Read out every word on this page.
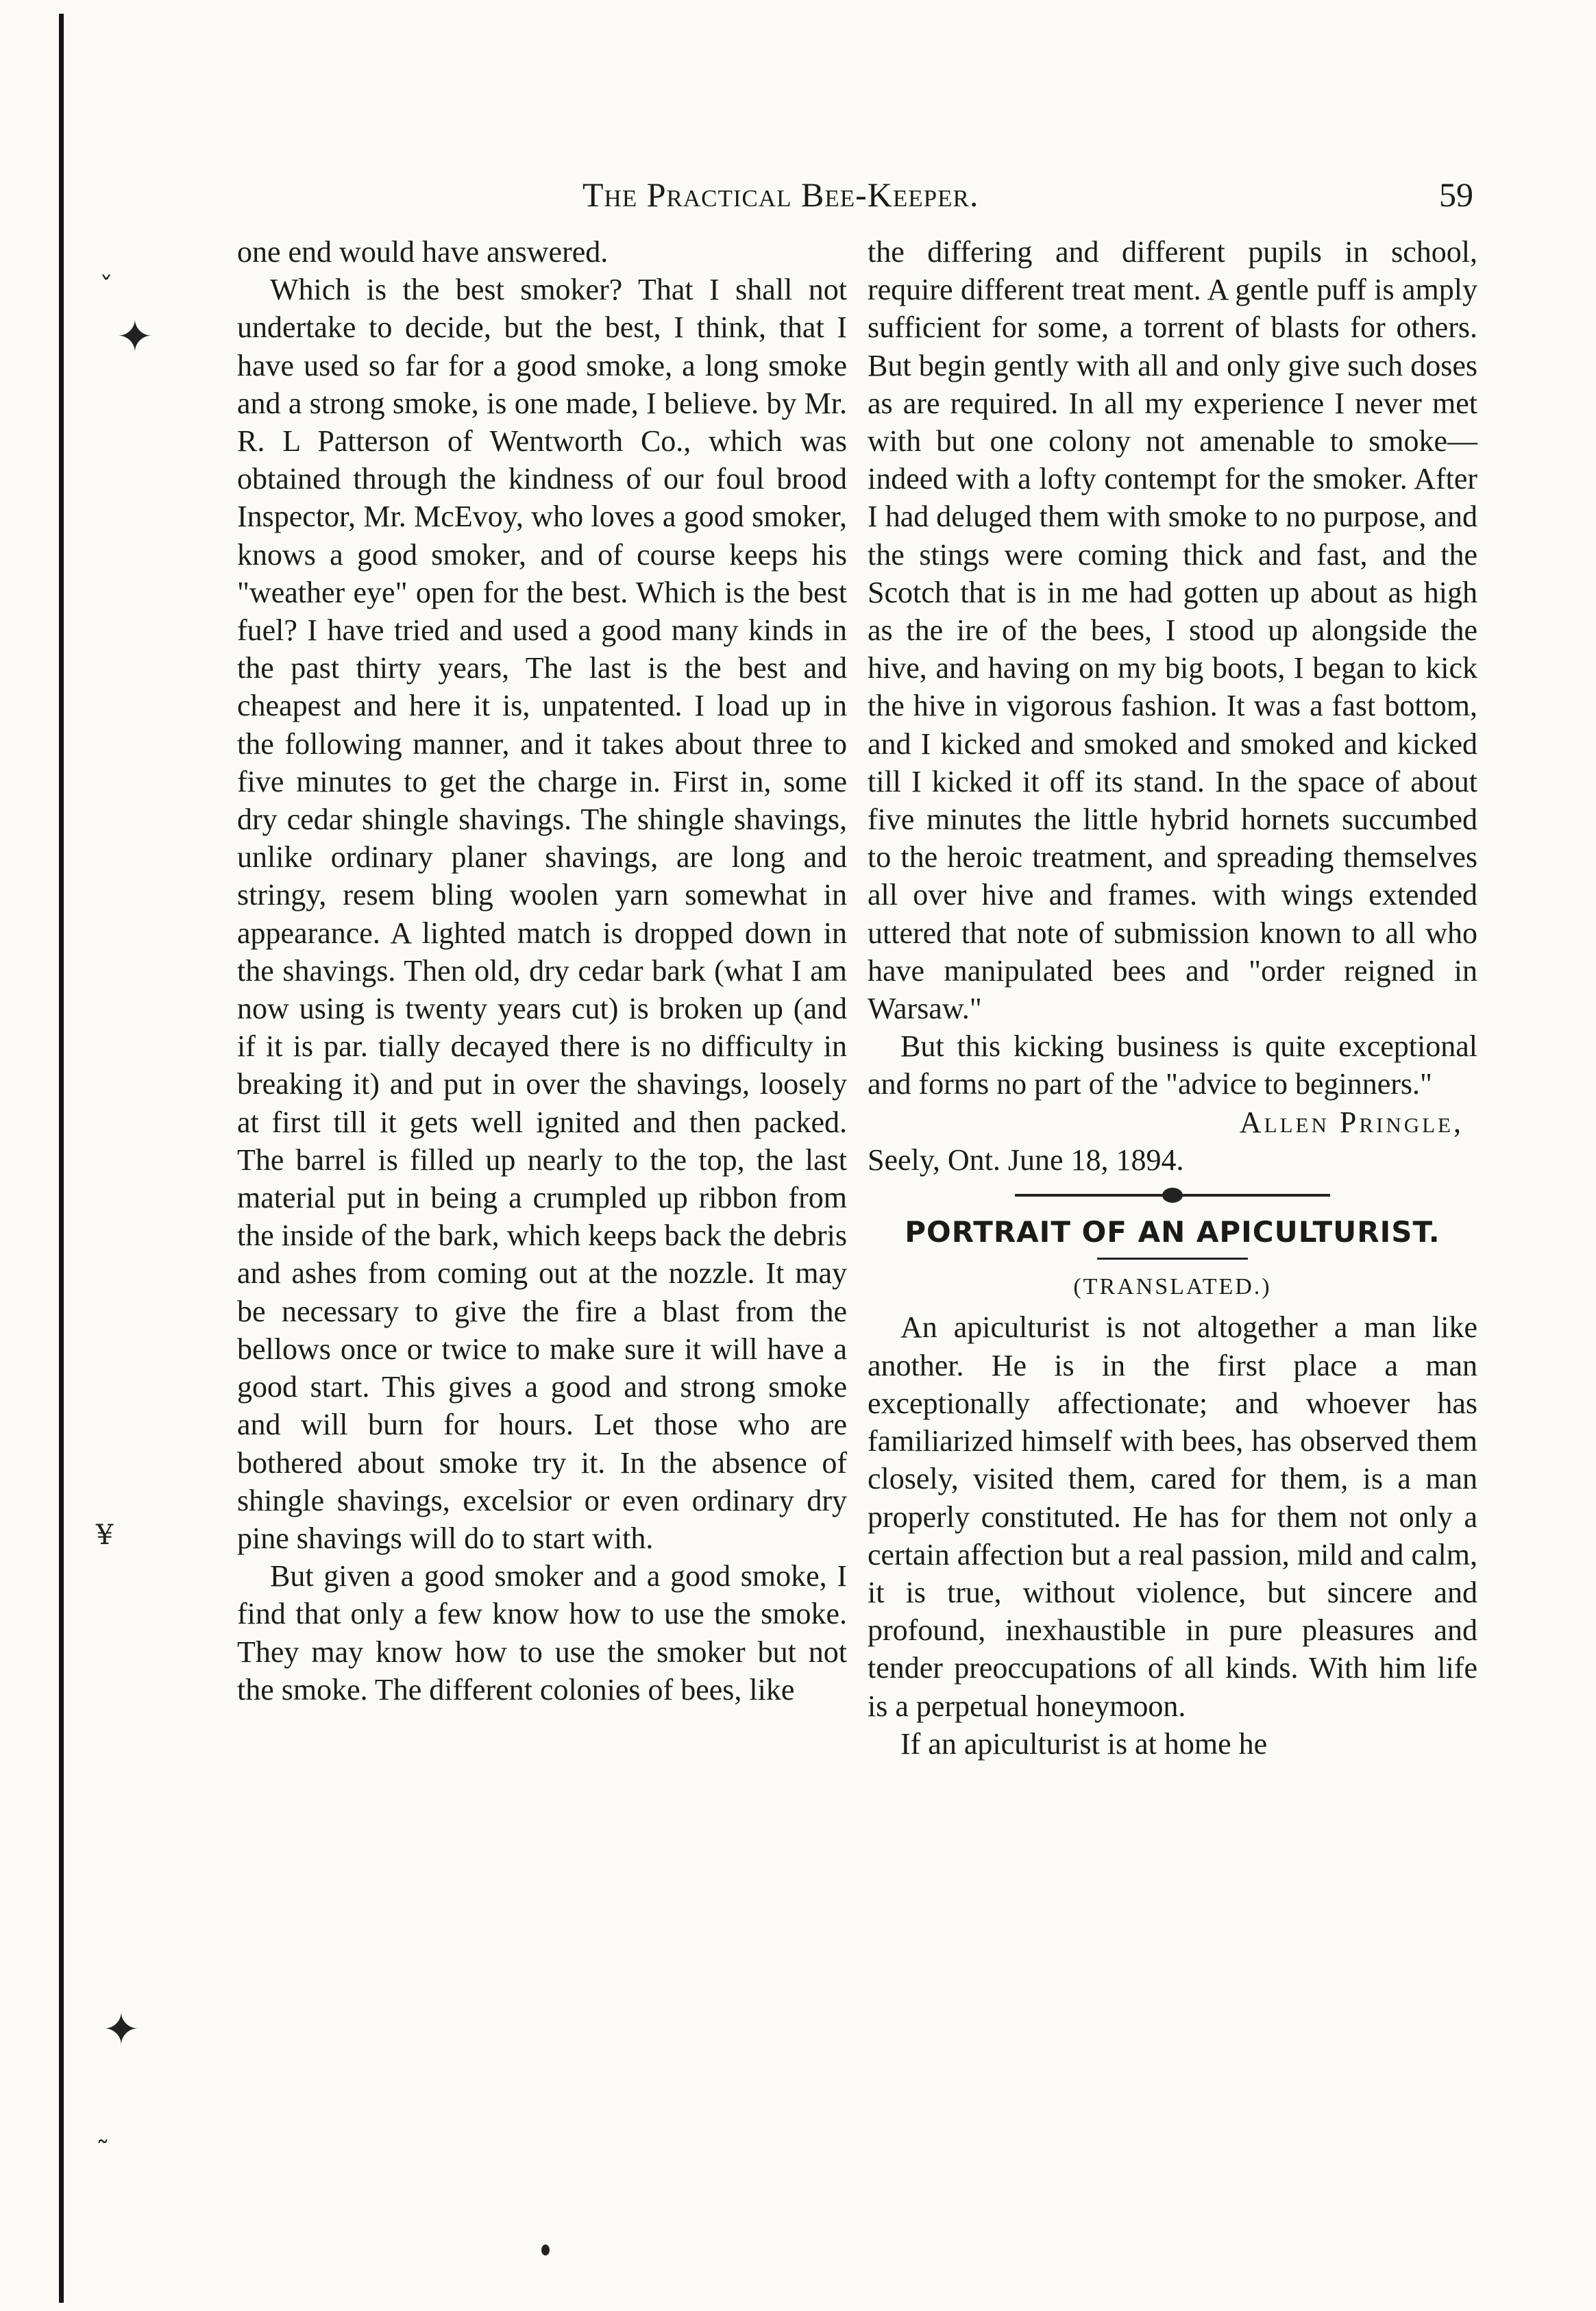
ˇ
✦
¥
✦
˜
The Practical Bee-Keeper.	59

one end would have answered.

Which is the best smoker? That I shall not undertake to decide, but the best, I think, that I have used so far for a good smoke, a long smoke and a strong smoke, is one made, I believe. by Mr. R. L Patterson of Wentworth Co., which was obtained through the kindness of our foul brood Inspector, Mr. McEvoy, who loves a good smoker, knows a good smoker, and of course keeps his "weather eye" open for the best. Which is the best fuel? I have tried and used a good many kinds in the past thirty years, The last is the best and cheapest and here it is, unpatented. I load up in the following manner, and it takes about three to five minutes to get the charge in. First in, some dry cedar shingle shavings. The shingle shavings, unlike ordinary planer shavings, are long and stringy, resem bling woolen yarn somewhat in appearance. A lighted match is dropped down in the shavings. Then old, dry cedar bark (what I am now using is twenty years cut) is broken up (and if it is par. tially decayed there is no difficulty in breaking it) and put in over the shavings, loosely at first till it gets well ignited and then packed. The barrel is filled up nearly to the top, the last material put in being a crumpled up ribbon from the inside of the bark, which keeps back the debris and ashes from coming out at the nozzle. It may be necessary to give the fire a blast from the bellows once or twice to make sure it will have a good start. This gives a good and strong smoke and will burn for hours. Let those who are bothered about smoke try it. In the absence of shingle shavings, excelsior or even ordinary dry pine shavings will do to start with.

But given a good smoker and a good smoke, I find that only a few know how to use the smoke. They may know how to use the smoker but not the smoke. The different colonies of bees, like

the differing and different pupils in school, require different treat ment. A gentle puff is amply sufficient for some, a torrent of blasts for others. But begin gently with all and only give such doses as are required. In all my experience I never met with but one colony not amenable to smoke—indeed with a lofty contempt for the smoker. After I had deluged them with smoke to no purpose, and the stings were coming thick and fast, and the Scotch that is in me had gotten up about as high as the ire of the bees, I stood up alongside the hive, and having on my big boots, I began to kick the hive in vigorous fashion. It was a fast bottom, and I kicked and smoked and smoked and kicked till I kicked it off its stand. In the space of about five minutes the little hybrid hornets succumbed to the heroic treatment, and spreading themselves all over hive and frames. with wings extended uttered that note of submission known to all who have manipulated bees and "order reigned in Warsaw."

But this kicking business is quite exceptional and forms no part of the "advice to beginners."

Allen Pringle,

Seely, Ont. June 18, 1894.

PORTRAIT OF AN APICULTURIST.
(TRANSLATED.)

An apiculturist is not altogether a man like another. He is in the first place a man exceptionally affectionate; and whoever has familiarized himself with bees, has observed them closely, visited them, cared for them, is a man properly constituted. He has for them not only a certain affection but a real passion, mild and calm, it is true, without violence, but sincere and profound, inexhaustible in pure pleasures and tender preoccupations of all kinds. With him life is a perpetual honeymoon.

If an apiculturist is at home he
